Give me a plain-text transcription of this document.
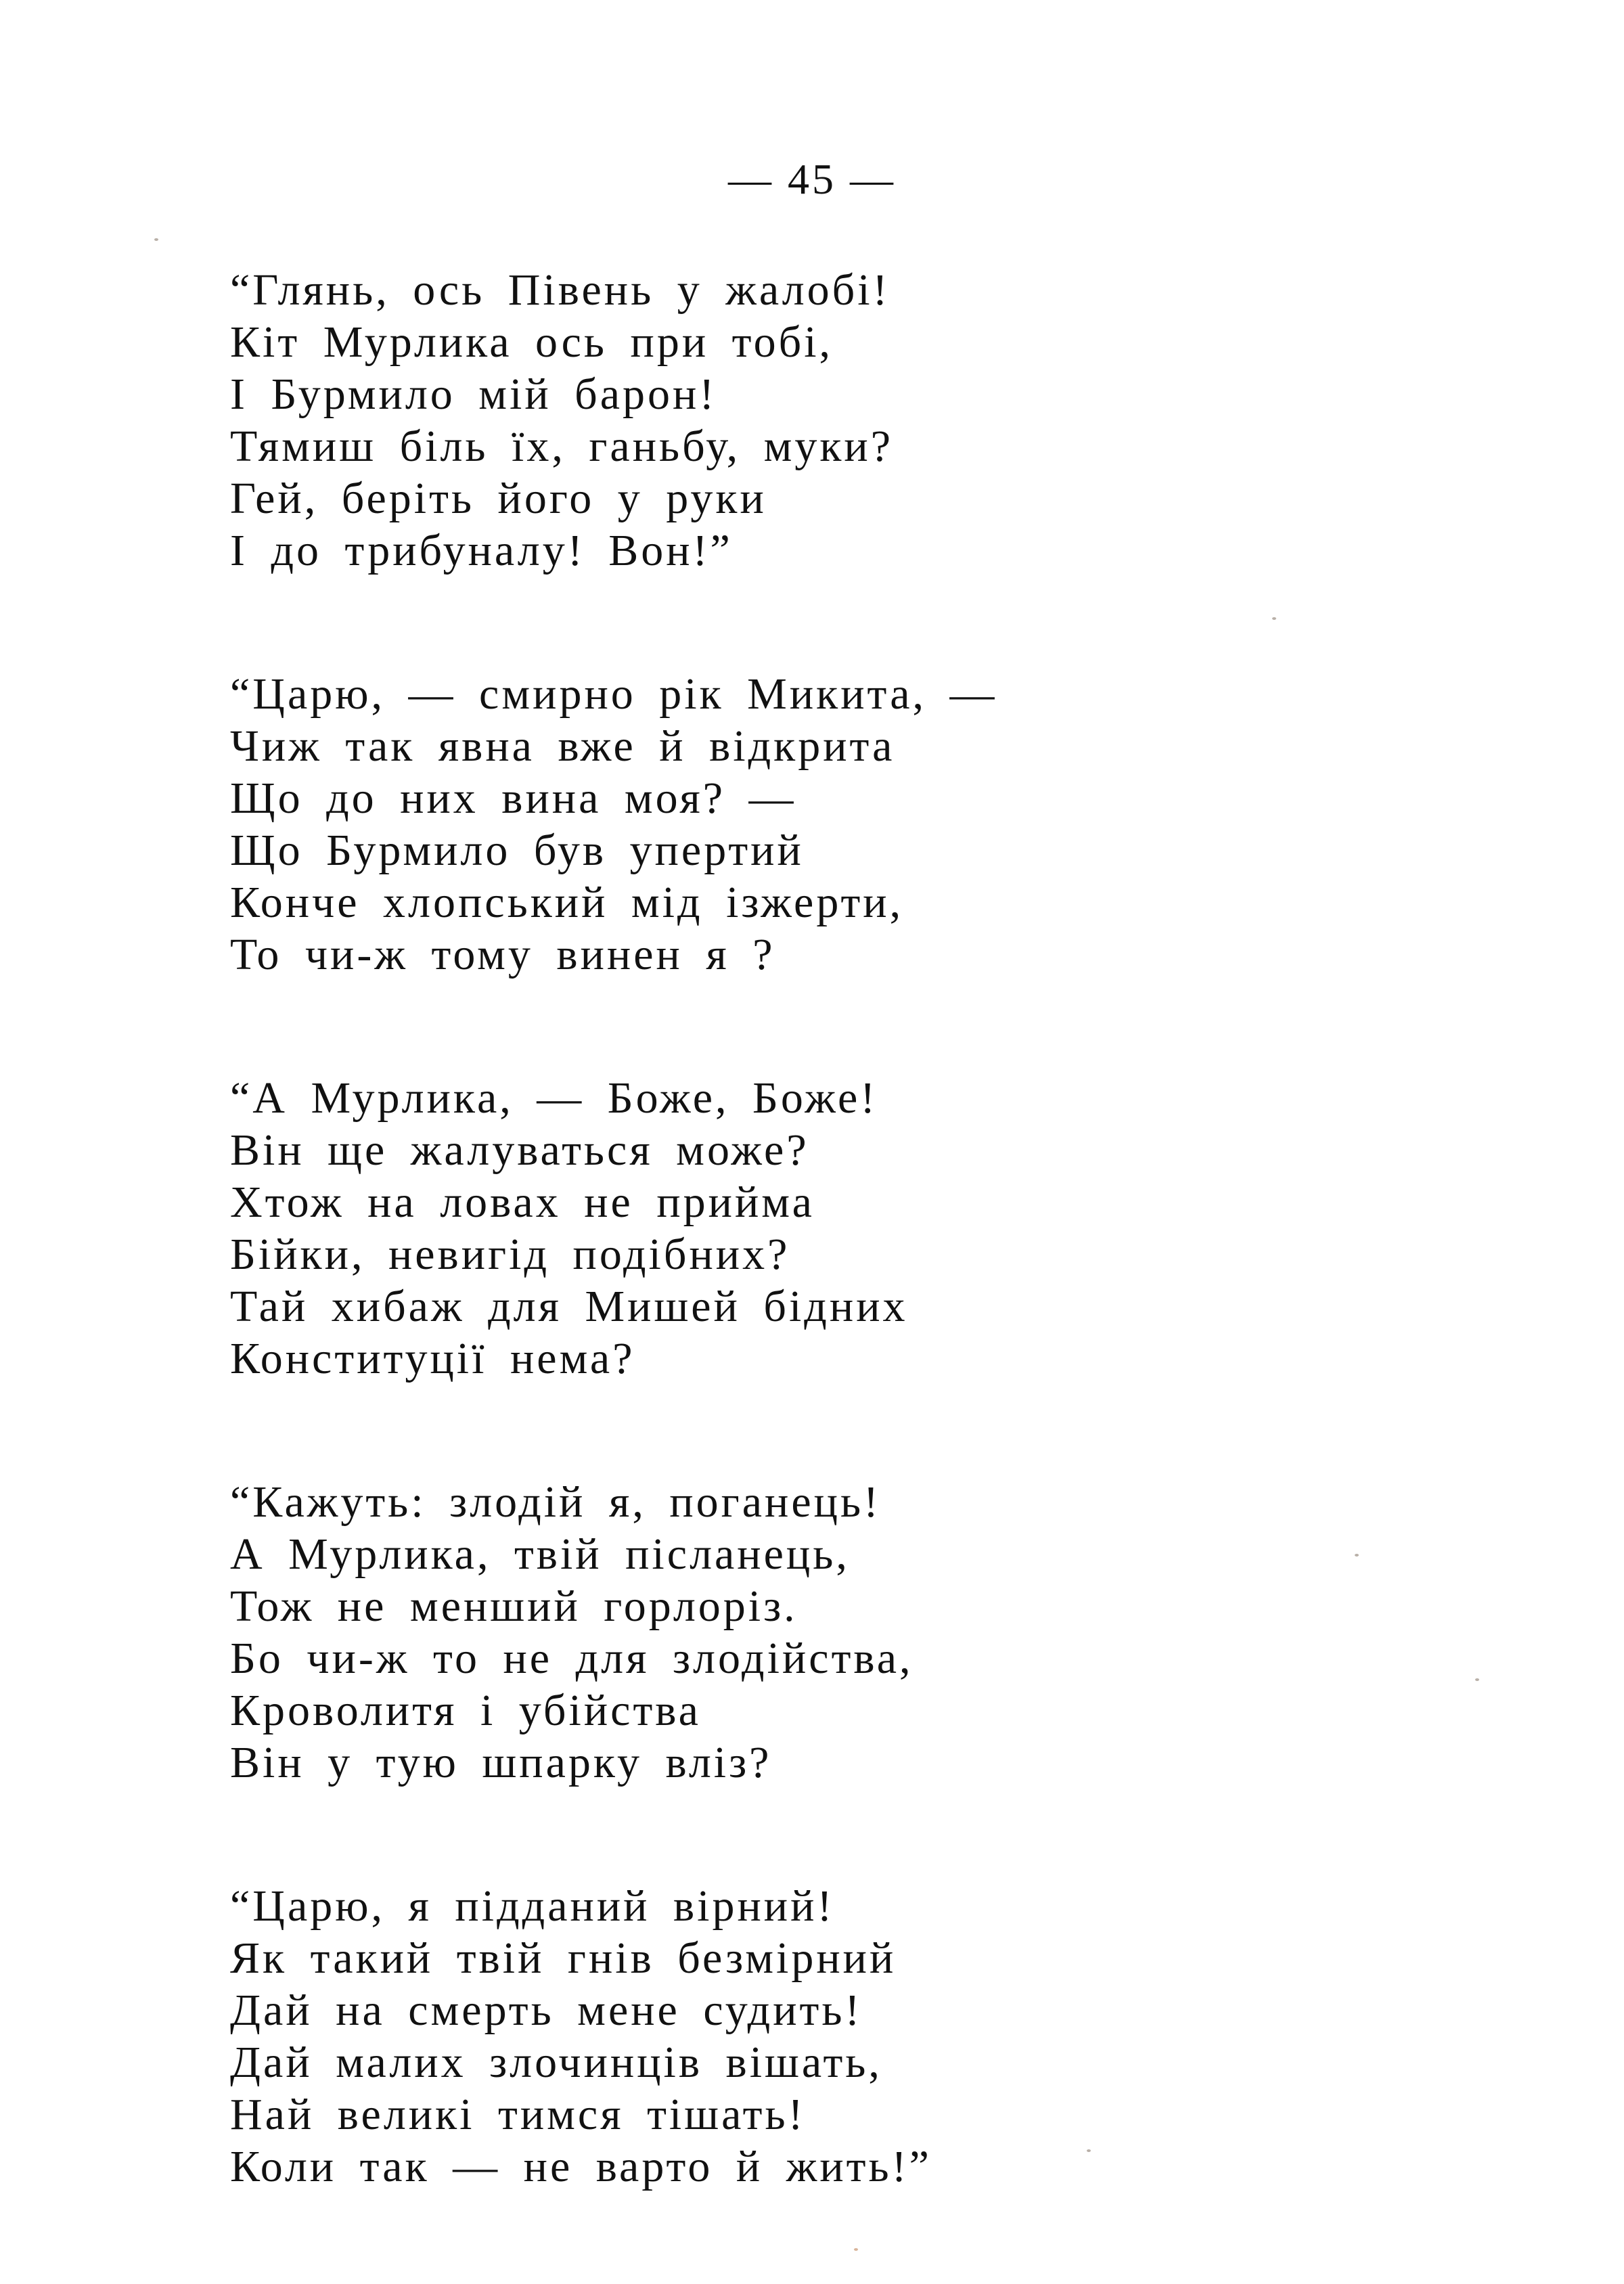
— 45 —
“Глянь, ось Півень у жалобі!
Кіт Мурлика ось при тобі,
І Бурмило мій барон!
Тямиш біль їх, ганьбу, муки?
Гей, беріть його у руки
І до трибуналу! Вон!”
“Царю, — смирно рік Микита, —
Чиж так явна вже й відкрита
Що до них вина моя? —
Що Бурмило був упертий
Конче хлопський мід ізжерти,
То чи-ж тому винен я ?
“А Мурлика, — Боже, Боже!
Він ще жалуваться може?
Хтож на ловах не прийма
Бійки, невигід подібних?
Тай хибаж для Мишей бідних
Конституції нема?
“Кажуть: злодій я, поганець!
А Мурлика, твій післанець,
Тож не менший горлоріз.
Бо чи-ж то не для злодійства,
Кроволитя і убійства
Він у тую шпарку вліз?
“Царю, я підданий вірний!
Як такий твій гнів безмірний
Дай на смерть мене судить!
Дай малих злочинців вішать,
Най великі тимся тішать!
Коли так — не варто й жить!”
